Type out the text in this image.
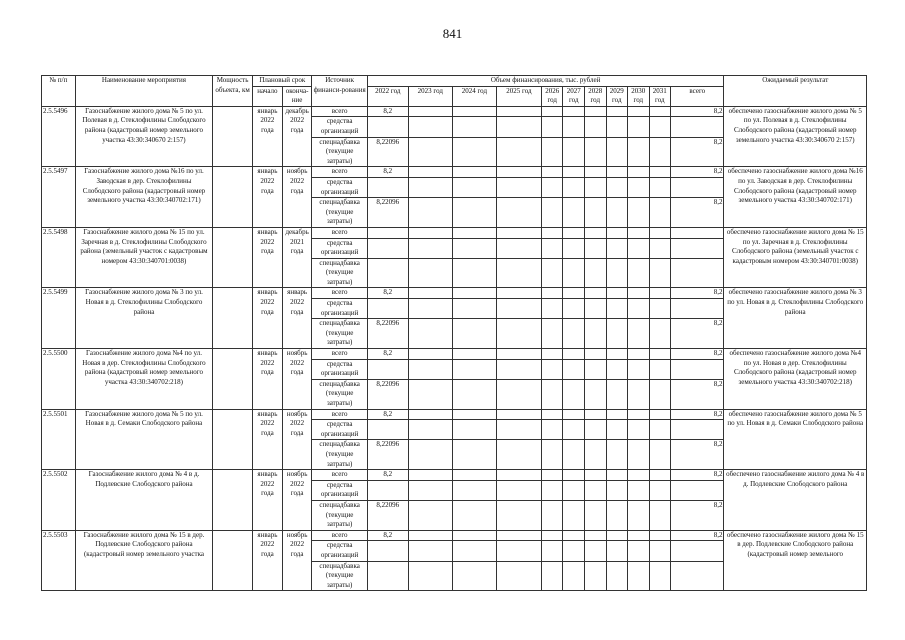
841
№ п/п	Наименование мероприятия	Мощность объекта, км	Плановый срок		Источник финанси-рования	Объем финансирования, тыс. рублей											Ожидаемый результат
			начало	оконча-ние		2022 год	2023 год	2024 год	2025 год	2026 год	2027 год	2028 год	2029 год	2030 год	2031 год	всего	
2.5.5496	Газоснабжение жилого дома № 5 по ул. Полевая в д. Стеклофилины Слободского района (кадастровый номер земельного участка 43:30:340670 2:157)		январь 2022 года	декабрь 2022 года	всего	8,2										8,2	обеспечено газоснабжение жилого дома № 5 по ул. Полевая в д. Стеклофилины Слободского района (кадастровый номер земельного участка 43:30:340670 2:157)
					средства организаций												
					спецнадбавка (текущие затраты)	8,22096										8,2	
2.5.5497	Газоснабжение жилого дома №16 по ул. Заводская в дер. Стеклофилины Слободского района (кадастровый номер земельного участка 43:30:340702:171)		январь 2022 года	ноябрь 2022 года	всего	8,2										8,2	обеспечено газоснабжение жилого дома №16 по ул. Заводская в дер. Стеклофилины Слободского района (кадастровый номер земельного участка 43:30:340702:171)
					средства организаций												
					спецнадбавка (текущие затраты)	8,22096										8,2	
2.5.5498	Газоснабжение жилого дома № 15 по ул. Заречная в д. Стеклофилины Слободского района (земельный участок с кадастровым номером 43:30:340701:0038)		январь 2022 года	декабрь 2021 года	всего												обеспечено газоснабжение жилого дома № 15 по ул. Заречная в д. Стеклофилины Слободского района (земельный участок с кадастровым номером 43:30:340701:0038)
					средства организаций												
					спецнадбавка (текущие затраты)												
2.5.5499	Газоснабжение жилого дома № 3 по ул. Новая в д. Стеклофилины Слободского района		январь 2022 года	январь 2022 года	всего	8,2										8,2	обеспечено газоснабжение жилого дома № 3 по ул. Новая в д. Стеклофилины Слободского района
					средства организаций												
					спецнадбавка (текущие затраты)	8,22096										8,2	
2.5.5500	Газоснабжение жилого дома №4 по ул. Новая в дер. Стеклофилины Слободского района (кадастровый номер земельного участка 43:30:340702:218)		январь 2022 года	ноябрь 2022 года	всего	8,2										8,2	обеспечено газоснабжение жилого дома №4 по ул. Новая в дер. Стеклофилины Слободского района (кадастровый номер земельного участка 43:30:340702:218)
					средства организаций												
					спецнадбавка (текущие затраты)	8,22096										8,2	
2.5.5501	Газоснабжение жилого дома № 5 по ул. Новая в д. Семаки Слободского района		январь 2022 года	ноябрь 2022 года	всего	8,2										8,2	обеспечено газоснабжение жилого дома № 5 по ул. Новая в д. Семаки Слободского района
					средства организаций												
					спецнадбавка (текущие затраты)	8,22096										8,2	
2.5.5502	Газоснабжение жилого дома № 4 в д. Подлевские Слободского района		январь 2022 года	ноябрь 2022 года	всего	8,2										8,2	обеспечено газоснабжение жилого дома № 4 в д. Подлевские Слободского района
					средства организаций												
					спецнадбавка (текущие затраты)	8,22096										8,2	
2.5.5503	Газоснабжение жилого дома № 15 в дер. Подлевские Слободского района (кадастровый номер земельного участка		январь 2022 года	ноябрь 2022 года	всего	8,2										8,2	обеспечено газоснабжение жилого дома № 15 в дер. Подлевские Слободского района (кадастровый номер земельного
					средства организаций												
					спецнадбавка (текущие затраты)												
